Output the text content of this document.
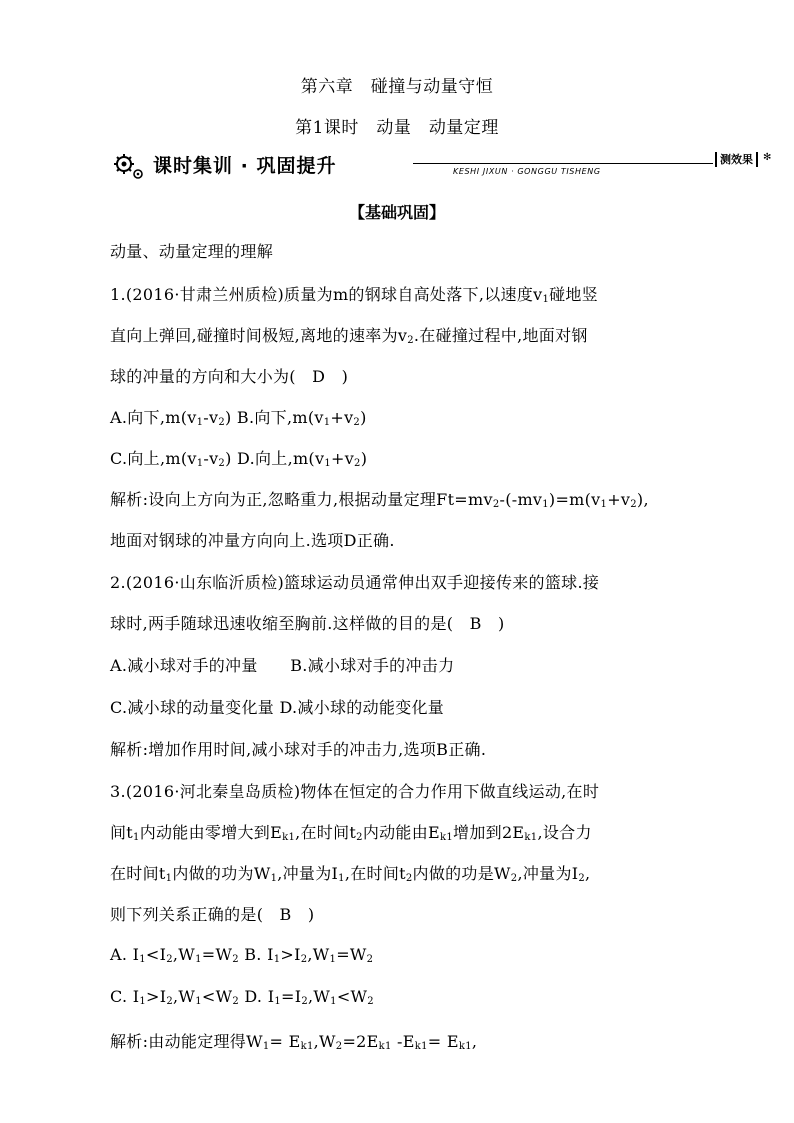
第六章　碰撞与动量守恒
第1课时　动量　动量定理
课时集训 · 巩固提升	KESHI JIXUN · GONGGU TISHENG
测效果	✻
【基础巩固】
动量、动量定理的理解
1.(2016·甘肃兰州质检)质量为m的钢球自高处落下,以速度$v_1$碰地竖
直向上弹回,碰撞时间极短,离地的速率为$v_2$.在碰撞过程中,地面对钢
球的冲量的方向和大小为(　D　)
A.向下$,m(v_1-v_2)$ B.向下$,m(v_1+v_2)$
C.向上$,m(v_1-v_2)$ D.向上$,m(v_1+v_2)$
解析:设向上方向为正,忽略重力,根据动量定理$Ft=mv_2-(-mv_1)=m(v_1+v_2)$,
地面对钢球的冲量方向向上.选项D正确.
2.(2016·山东临沂质检)篮球运动员通常伸出双手迎接传来的篮球.接
球时,两手随球迅速收缩至胸前.这样做的目的是(　B　)
A.减小球对手的冲量　　B.减小球对手的冲击力
C.减小球的动量变化量 D.减小球的动能变化量
解析:增加作用时间,减小球对手的冲击力,选项B正确.
3.(2016·河北秦皇岛质检)物体在恒定的合力作用下做直线运动,在时
间$t_1$内动能由零增大到$E_{k1}$,在时间$t_2$内动能由$E_{k1}$增加到$2E_{k1}$,设合力
在时间$t_1$内做的功为$W_1$,冲量为$I_1$,在时间$t_2$内做的功是$W_2$,冲量为$I_2$,
则下列关系正确的是(　B　)
A. $I_1<I_2,W_1=W_2$ B. $I_1>I_2,W_1=W_2$
C. $I_1>I_2,W_1<W_2$ D. $I_1=I_2,W_1<W_2$
解析:由动能定理得$W_1= E_{k1},W_2=2E_{k1}$ $-E_{k1}= E_{k1}$,
